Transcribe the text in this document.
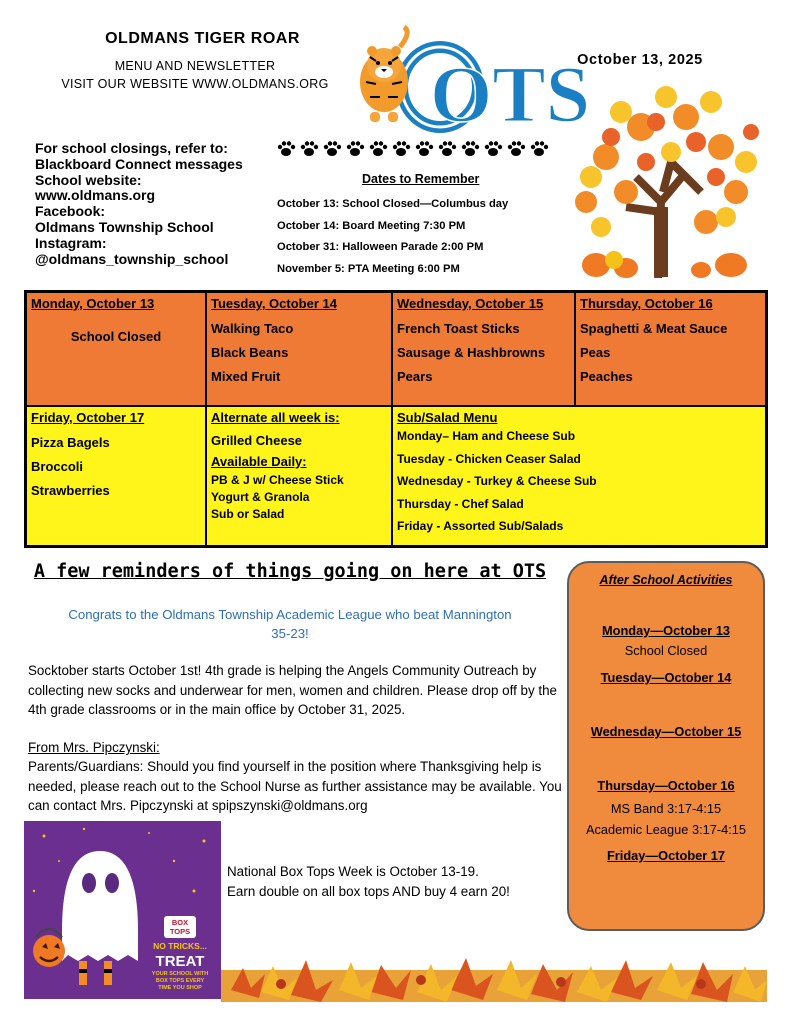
OLDMANS TIGER ROAR
MENU AND NEWSLETTER
VISIT OUR WEBSITE WWW.OLDMANS.ORG OTS
October 13, 2025
For school closings, refer to:
Blackboard Connect messages
School website:
www.oldmans.org
Facebook:
Oldmans Township School
Instagram:
@oldmans_township_school
Dates to Remember
October 13: School Closed—Columbus day
October 14: Board Meeting 7:30 PM
October 31: Halloween Parade 2:00 PM
November 5: PTA Meeting 6:00 PM
Monday, October 13
School Closed
Tuesday, October 14
Walking Taco
Black Beans
Mixed Fruit
Wednesday, October 15
French Toast Sticks
Sausage & Hashbrowns
Pears
Thursday, October 16
Spaghetti & Meat Sauce
Peas
Peaches
Friday, October 17
Pizza Bagels
Broccoli
Strawberries
Alternate all week is:
Grilled Cheese
Available Daily:
PB & J w/ Cheese Stick
Yogurt & Granola
Sub or Salad
Sub/Salad Menu
Monday– Ham and Cheese Sub
Tuesday - Chicken Ceaser Salad
Wednesday - Turkey & Cheese Sub
Thursday - Chef Salad
Friday - Assorted Sub/Salads
A few reminders of things going on here at OTS
Congrats to the Oldmans Township Academic League who beat Mannington 35-23!
Socktober starts October 1st! 4th grade is helping the Angels Community Outreach by collecting new socks and underwear for men, women and children. Please drop off by the 4th grade classrooms or in the main office by October 31, 2025.
From Mrs. Pipczynski:
Parents/Guardians: Should you find yourself in the position where Thanksgiving help is needed, please reach out to the School Nurse as further assistance may be available. You can contact Mrs. Pipczynski at spipszynski@oldmans.org
BOX
TOPS
NO TRICKS...
TREAT
YOUR SCHOOL WITH
BOX TOPS EVERY
TIME YOU SHOP
National Box Tops Week is October 13-19.
Earn double on all box tops AND buy 4 earn 20!
After School Activities
Monday—October 13
School Closed
Tuesday—October 14
Wednesday—October 15
Thursday—October 16
MS Band 3:17-4:15
Academic League 3:17-4:15
Friday—October 17
